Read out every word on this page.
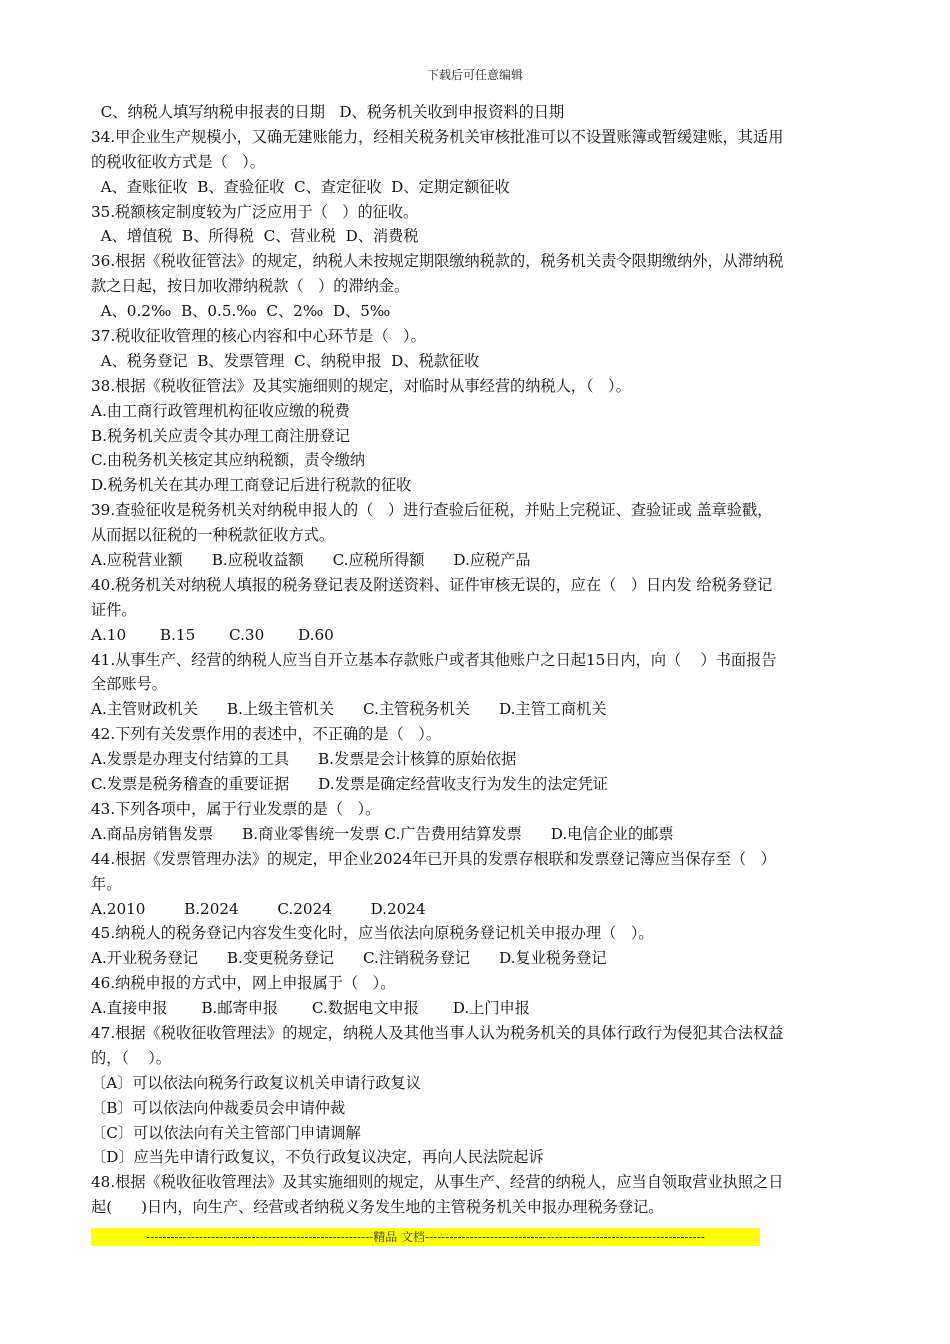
下载后可任意编辑
C、纳税人填写纳税申报表的日期   D、税务机关收到申报资料的日期
34.甲企业生产规模小，又确无建账能力，经相关税务机关审核批准可以不设置账簿或暂缓建账，其适用
的税收征收方式是（   ）。
A、查账征收  B、查验征收  C、查定征收  D、定期定额征收
35.税额核定制度较为广泛应用于（   ）的征收。
A、增值税  B、所得税  C、营业税  D、消费税
36.根据《税收征管法》的规定，纳税人未按规定期限缴纳税款的，税务机关责令限期缴纳外，从滞纳税
款之日起，按日加收滞纳税款（   ）的滞纳金。
A、0.2‰  B、0.5.‰  C、2‰  D、5‰
37.税收征收管理的核心内容和中心环节是（   ）。
A、税务登记  B、发票管理  C、纳税申报  D、税款征收
38.根据《税收征管法》及其实施细则的规定，对临时从事经营的纳税人，（   ）。
A.由工商行政管理机构征收应缴的税费
B.税务机关应责令其办理工商注册登记
C.由税务机关核定其应纳税额，责令缴纳
D.税务机关在其办理工商登记后进行税款的征收
39.查验征收是税务机关对纳税申报人的（   ）进行查验后征税，并贴上完税证、查验证或 盖章验戳，
从而据以征税的一种税款征收方式。
A.应税营业额      B.应税收益额      C.应税所得额      D.应税产品
40.税务机关对纳税人填报的税务登记表及附送资料、证件审核无误的，应在（   ）日内发 给税务登记
证件。
A.10       B.15       C.30       D.60
41.从事生产、经营的纳税人应当自开立基本存款账户或者其他账户之日起15日内，向（    ）书面报告
全部账号。
A.主管财政机关      B.上级主管机关      C.主管税务机关      D.主管工商机关
42.下列有关发票作用的表述中，不正确的是（   ）。
A.发票是办理支付结算的工具      B.发票是会计核算的原始依据
C.发票是税务稽查的重要证据      D.发票是确定经营收支行为发生的法定凭证
43.下列各项中，属于行业发票的是（   ）。
A.商品房销售发票      B.商业零售统一发票 C.广告费用结算发票      D.电信企业的邮票
44.根据《发票管理办法》的规定，甲企业2024年已开具的发票存根联和发票登记簿应当保存至（   ）
年。
A.2010        B.2024        C.2024        D.2024
45.纳税人的税务登记内容发生变化时，应当依法向原税务登记机关申报办理（   ）。
A.开业税务登记      B.变更税务登记      C.注销税务登记      D.复业税务登记
46.纳税申报的方式中，网上申报属于（   ）。
A.直接申报       B.邮寄申报       C.数据电文申报       D.上门申报
47.根据《税收征收管理法》的规定，纳税人及其他当事人认为税务机关的具体行政行为侵犯其合法权益
的，（    ）。
〔A〕可以依法向税务行政复议机关申请行政复议
〔B〕可以依法向仲裁委员会申请仲裁
〔C〕可以依法向有关主管部门申请调解
〔D〕应当先申请行政复议，不负行政复议决定，再向人民法院起诉
48.根据《税收征收管理法》及其实施细则的规定，从事生产、经营的纳税人，应当自领取营业执照之日
起(      )日内，向生产、经营或者纳税义务发生地的主管税务机关申报办理税务登记。
--------------------------------------------------------精品 文档---------------------------------------------------------------------
